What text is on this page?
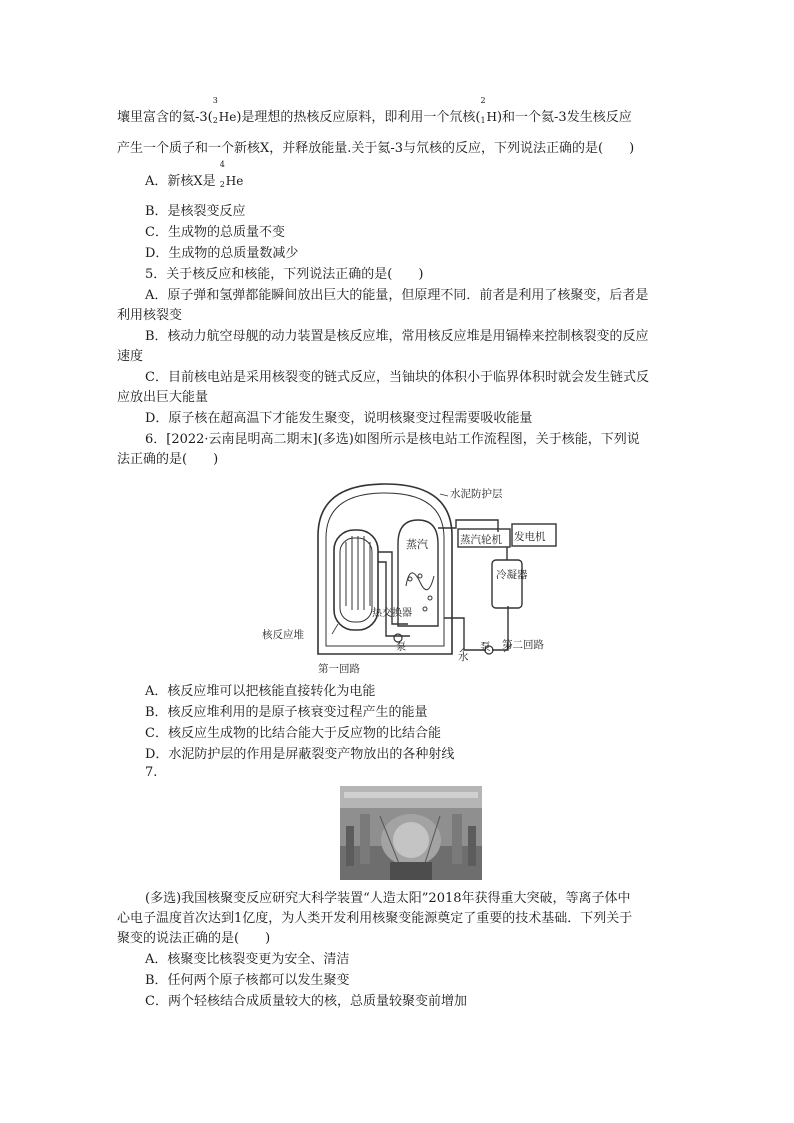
壤里富含的氦-3(
3
2 He)是理想的热核反应原料，即利用一个氘核(
2
1 H)和一个氦-3发生核反应
产生一个质子和一个新核X，并释放能量.关于氦-3与氘核的反应，下列说法正确的是(　　)
A．新核X是
4
2 He
B．是核裂变反应
C．生成物的总质量不变
D．生成物的总质量数减少
5．关于核反应和核能，下列说法正确的是(　　)
A．原子弹和氢弹都能瞬间放出巨大的能量，但原理不同．前者是利用了核聚变，后者是
利用核裂变
B．核动力航空母舰的动力装置是核反应堆，常用核反应堆是用镉棒来控制核裂变的反应
速度
C．目前核电站是采用核裂变的链式反应，当铀块的体积小于临界体积时就会发生链式反
应放出巨大能量
D．原子核在超高温下才能发生聚变，说明核聚变过程需要吸收能量
6．[2022·云南昆明高二期末](多选)如图所示是核电站工作流程图，关于核能，下列说
法正确的是(　　)
水泥防护层
蒸汽	蒸汽轮机 发电机
冷凝器
热交换器
泵
核反应堆
水
泵 第二回路
第一回路
A．核反应堆可以把核能直接转化为电能
B．核反应堆利用的是原子核衰变过程产生的能量
C．核反应生成物的比结合能大于反应物的比结合能
D．水泥防护层的作用是屏蔽裂变产物放出的各种射线
7.
(多选)我国核聚变反应研究大科学装置“人造太阳”2018年获得重大突破，等离子体中
心电子温度首次达到1亿度，为人类开发利用核聚变能源奠定了重要的技术基础．下列关于
聚变的说法正确的是(　　)
A．核聚变比核裂变更为安全、清洁
B．任何两个原子核都可以发生聚变
C．两个轻核结合成质量较大的核，总质量较聚变前增加
